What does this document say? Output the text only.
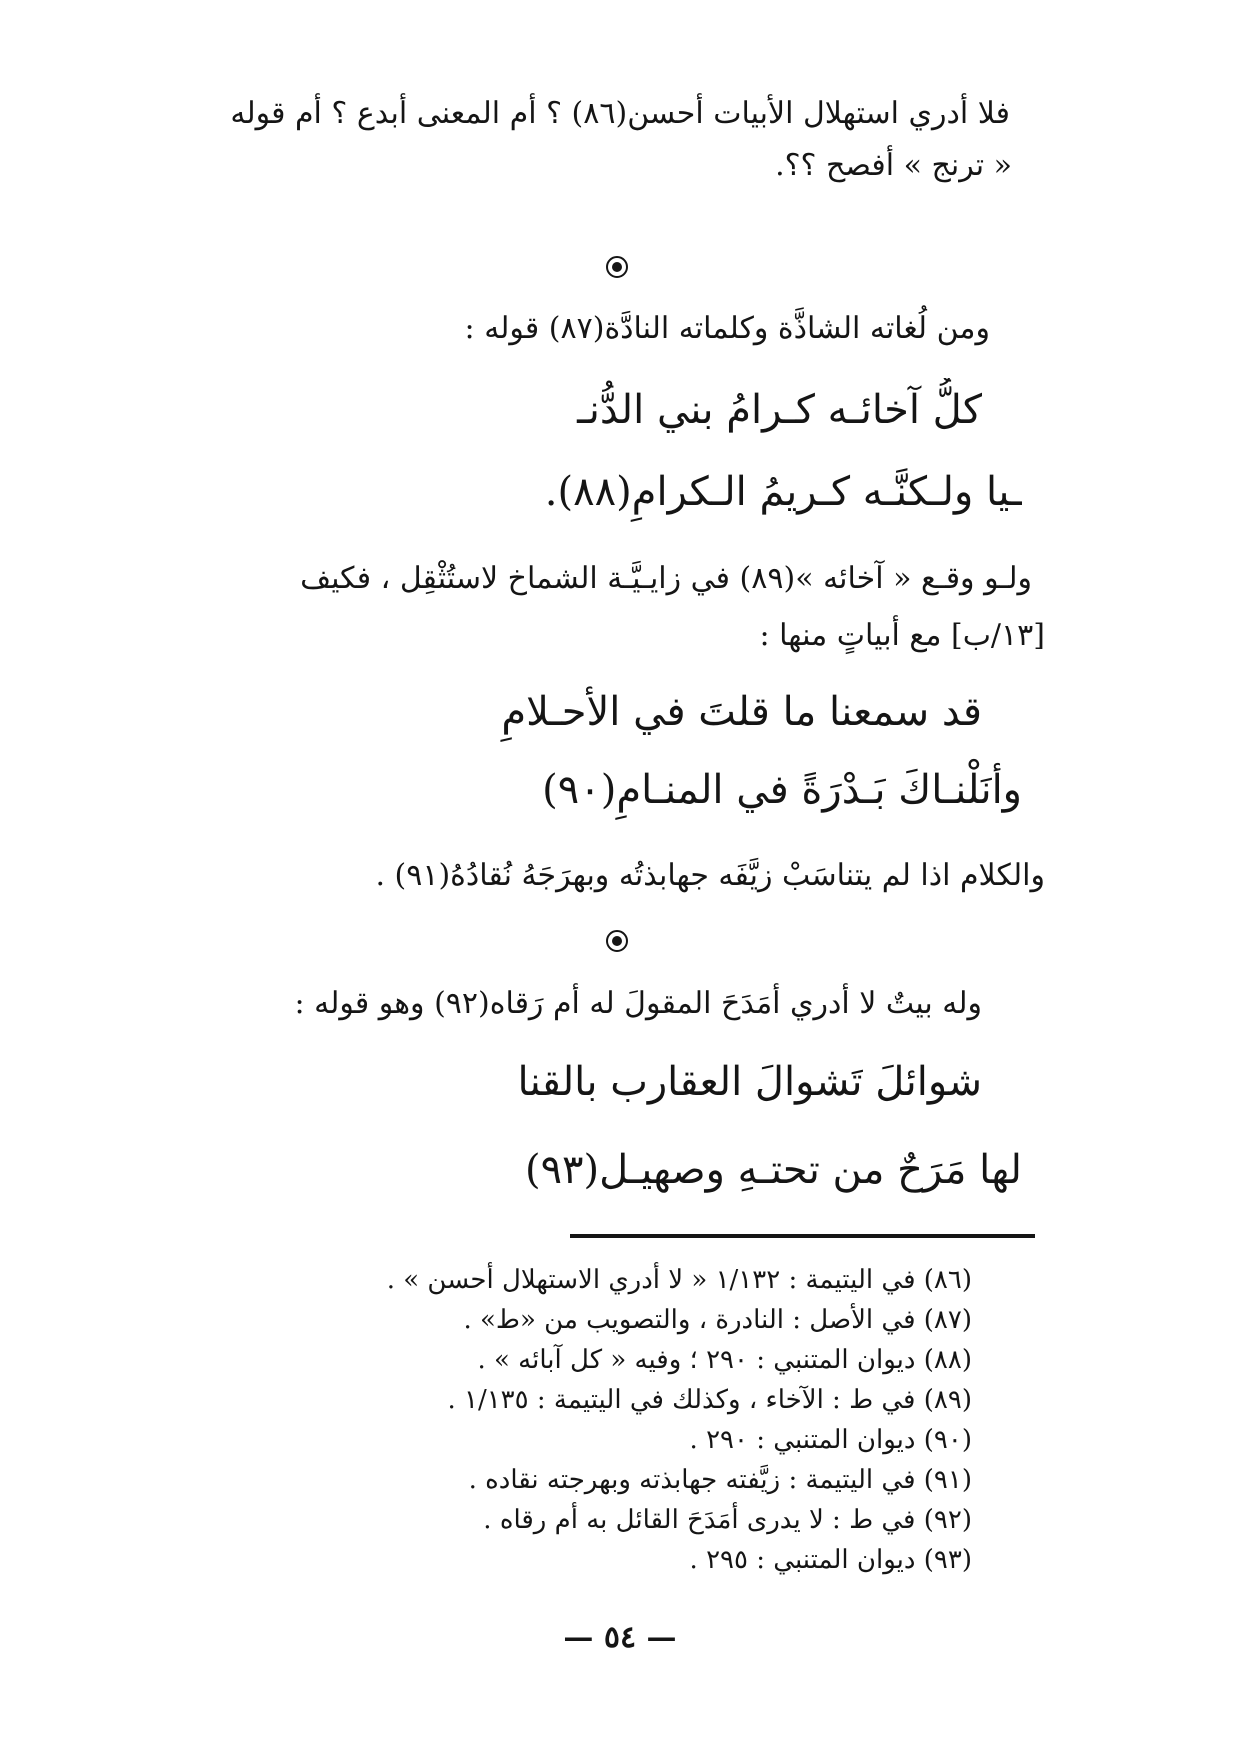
فلا أدري استهلال الأبيات أحسن(٨٦) ؟ أم المعنى أبدع ؟ أم قوله
« ترنج » أفصح ؟؟.
ومن لُغاته الشاذَّة وكلماته النادَّة(٨٧) قوله :
كلُّ آخائـه كـرامُ بني الدُّنـ
ـيا ولـكنَّـه كـريمُ الـكرامِ(٨٨).
ولـو وقـع « آخائه »(٨٩) في زايـيَّـة الشماخ لاستُثْقِل ، فكيف
[١٣/ب] مع أبياتٍ منها :
قد سمعنا ما قلتَ في الأحـلامِ
وأنَلْنـاكَ بَـدْرَةً في المنـامِ(٩٠)
والكلام اذا لم يتناسَبْ زيَّفَه جهابذتُه وبهرَجَهُ نُقادُهُ(٩١) .
وله بيتٌ لا أدري أمَدَحَ المقولَ له أم رَقاه(٩٢) وهو قوله :
شوائلَ تَشوالَ العقارب بالقنا
لها مَرَحٌ من تحتـهِ وصهيـل(٩٣)
(٨٦) في اليتيمة : ١/١٣٢ « لا أدري الاستهلال أحسن » .
(٨٧) في الأصل : النادرة ، والتصويب من «ط» .
(٨٨) ديوان المتنبي : ٢٩٠ ؛ وفيه « كل آبائه » .
(٨٩) في ط : الآخاء ، وكذلك في اليتيمة : ١/١٣٥ .
(٩٠) ديوان المتنبي : ٢٩٠ .
(٩١) في اليتيمة : زيَّفته جهابذته وبهرجته نقاده .
(٩٢) في ط : لا يدرى أمَدَحَ القائل به أم رقاه .
(٩٣) ديوان المتنبي : ٢٩٥ .
— ٥٤ —
